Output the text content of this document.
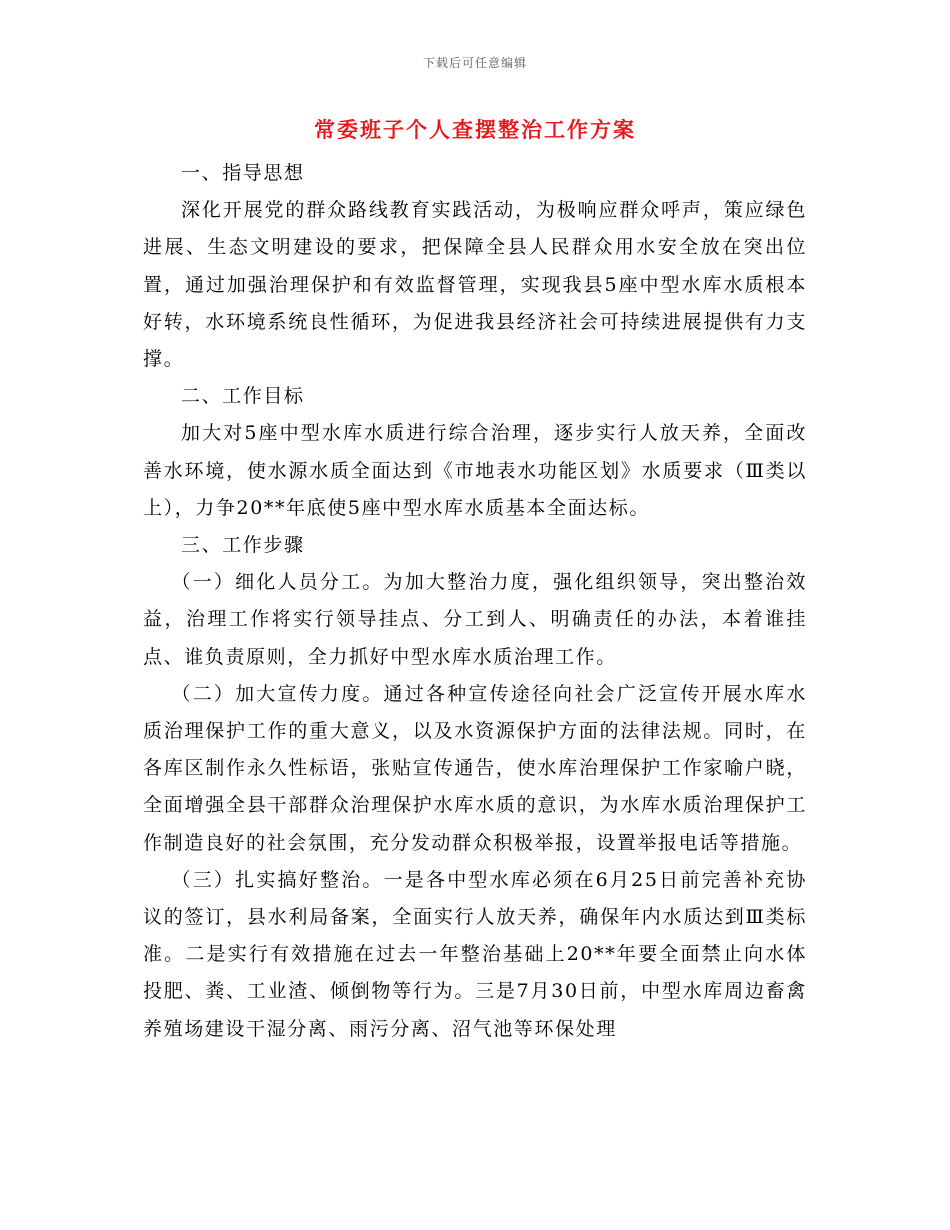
下载后可任意编辑
常委班子个人查摆整治工作方案

一、指导思想

深化开展党的群众路线教育实践活动，为极响应群众呼声，策应绿色进展、生态文明建设的要求，把保障全县人民群众用水安全放在突出位置，通过加强治理保护和有效监督管理，实现我县5座中型水库水质根本好转，水环境系统良性循环，为促进我县经济社会可持续进展提供有力支撑。

二、工作目标

加大对5座中型水库水质进行综合治理，逐步实行人放天养，全面改善水环境，使水源水质全面达到《市地表水功能区划》水质要求（Ⅲ类以上），力争20**年底使5座中型水库水质基本全面达标。

三、工作步骤

（一）细化人员分工。为加大整治力度，强化组织领导，突出整治效益，治理工作将实行领导挂点、分工到人、明确责任的办法，本着谁挂点、谁负责原则，全力抓好中型水库水质治理工作。

（二）加大宣传力度。通过各种宣传途径向社会广泛宣传开展水库水质治理保护工作的重大意义，以及水资源保护方面的法律法规。同时，在各库区制作永久性标语，张贴宣传通告，使水库治理保护工作家喻户晓，全面增强全县干部群众治理保护水库水质的意识，为水库水质治理保护工作制造良好的社会氛围，充分发动群众积极举报，设置举报电话等措施。

（三）扎实搞好整治。一是各中型水库必须在6月25日前完善补充协议的签订，县水利局备案，全面实行人放天养，确保年内水质达到Ⅲ类标准。二是实行有效措施在过去一年整治基础上20**年要全面禁止向水体投肥、粪、工业渣、倾倒物等行为。三是7月30日前，中型水库周边畜禽养殖场建设干湿分离、雨污分离、沼气池等环保处理
